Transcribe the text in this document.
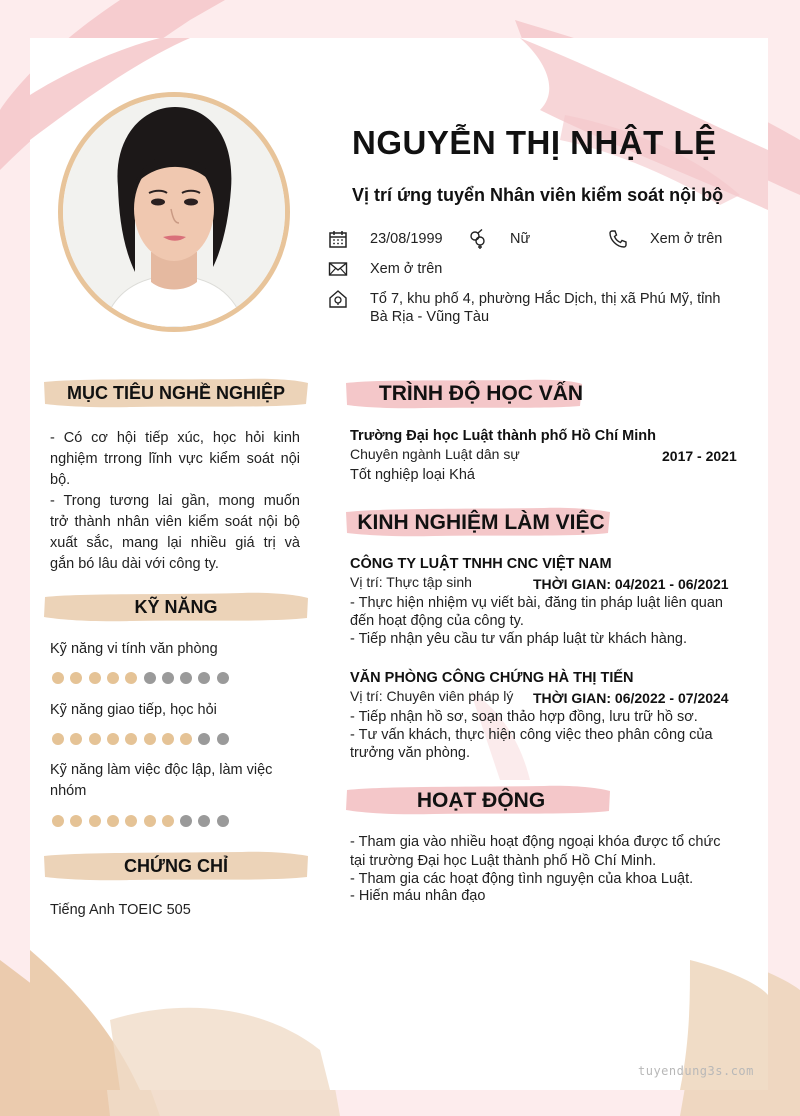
NGUYỄN THỊ NHẬT LỆ
Vị trí ứng tuyển Nhân viên kiểm soát nội bộ
23/08/1999	Nữ	Xem ở trên
Xem ở trên
Tổ 7, khu phố 4, phường Hắc Dịch, thị xã Phú Mỹ, tỉnh
Bà Rịa - Vũng Tàu
MỤC TIÊU NGHỀ NGHIỆP
- Có cơ hội tiếp xúc, học hỏi kinh
nghiệm trrong lĩnh vực kiểm soát nội
bộ.
- Trong tương lai gần, mong muốn
trở thành nhân viên kiểm soát nội bộ
xuất sắc, mang lại nhiều giá trị và
gắn bó lâu dài với công ty.
KỸ NĂNG
Kỹ năng vi tính văn phòng
Kỹ năng giao tiếp, học hỏi
Kỹ năng làm việc độc lập, làm việc
nhóm
CHỨNG CHỈ
Tiếng Anh TOEIC 505
TRÌNH ĐỘ HỌC VẤN
Trường Đại học Luật thành phố Hồ Chí Minh
Chuyên ngành Luật dân sự	2017 - 2021
Tốt nghiệp loại Khá
KINH NGHIỆM LÀM VIỆC
CÔNG TY LUẬT TNHH CNC VIỆT NAM
Vị trí: Thực tập sinh	THỜI GIAN: 04/2021 - 06/2021
- Thực hiện nhiệm vụ viết bài, đăng tin pháp luật liên quan
đến hoạt động của công ty.
- Tiếp nhận yêu cầu tư vấn pháp luật từ khách hàng.
VĂN PHÒNG CÔNG CHỨNG HÀ THỊ TIẾN
Vị trí: Chuyên viên pháp lý THỜI GIAN: 06/2022 - 07/2024
- Tiếp nhận hồ sơ, soạn thảo hợp đồng, lưu trữ hồ sơ.
- Tư vấn khách, thực hiện công việc theo phân công của
trưởng văn phòng.
HOẠT ĐỘNG
- Tham gia vào nhiều hoạt động ngoại khóa được tổ chức
tại trường Đại học Luật thành phố Hồ Chí Minh.
- Tham gia các hoạt động tình nguyện của khoa Luật.
- Hiến máu nhân đạo
tuyendung3s.com
